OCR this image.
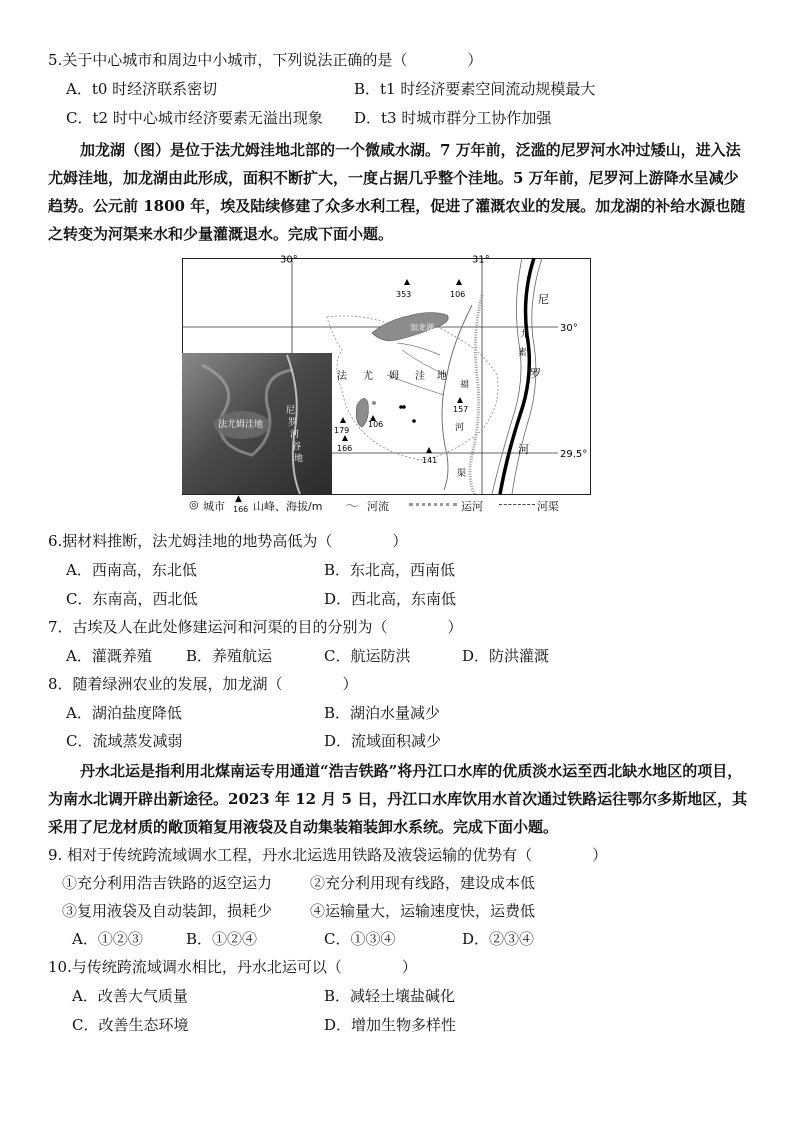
5.关于中心城市和周边中小城市，下列说法正确的是（　　　　）
A．t0 时经济联系密切	B．t1 时经济要素空间流动规模最大
C．t2 时中心城市经济要素无溢出现象 D．t3 时城市群分工协作加强
加龙湖（图）是位于法尤姆洼地北部的一个微咸水湖。7 万年前，泛滥的尼罗河水冲过矮山，进入法尤姆洼地，加龙湖由此形成，面积不断扩大，一度占据几乎整个洼地。5 万年前，尼罗河上游降水呈减少趋势。公元前 1800 年，埃及陆续修建了众多水利工程，促进了灌溉农业的发展。加龙湖的补给水源也随之转变为河渠来水和少量灌溉退水。完成下面小题。
30°	31°
30°
29.5°
法尤姆洼地
尼
罗
河
谷
地
加龙湖
法 尤 姆 洼 地
福
河
渠
尼
尤
素
罗
河
353	106
157
179
106
166
141
◎ 城市
▲
166 山峰、海拔/m 〜 河流	运河	河渠
6.据材料推断，法尤姆洼地的地势高低为（　　　　）
A．西南高，东北低	B．东北高，西南低
C．东南高，西北低	D．西北高，东南低
7．古埃及人在此处修建运河和河渠的目的分别为（　　　　）
A．灌溉养殖 B．养殖航运	C．航运防洪	D．防洪灌溉
8．随着绿洲农业的发展，加龙湖（　　　　）
A．湖泊盐度降低	B．湖泊水量减少
C．流域蒸发减弱	D．流域面积减少
丹水北运是指利用北煤南运专用通道“浩吉铁路”将丹江口水库的优质淡水运至西北缺水地区的项目，为南水北调开辟出新途径。2023 年 12 月 5 日，丹江口水库饮用水首次通过铁路运往鄂尔多斯地区，其采用了尼龙材质的敞顶箱复用液袋及自动集装箱装卸水系统。完成下面小题。
9. 相对于传统跨流域调水工程，丹水北运选用铁路及液袋运输的优势有（　　　　）
①充分利用浩吉铁路的返空运力	②充分利用现有线路，建设成本低
③复用液袋及自动装卸，损耗少	④运输量大，运输速度快，运费低
A．①②③	B．①②④	C．①③④	D．②③④
10.与传统跨流域调水相比，丹水北运可以（　　　　）
A．改善大气质量	B．减轻土壤盐碱化
C．改善生态环境	D．增加生物多样性
